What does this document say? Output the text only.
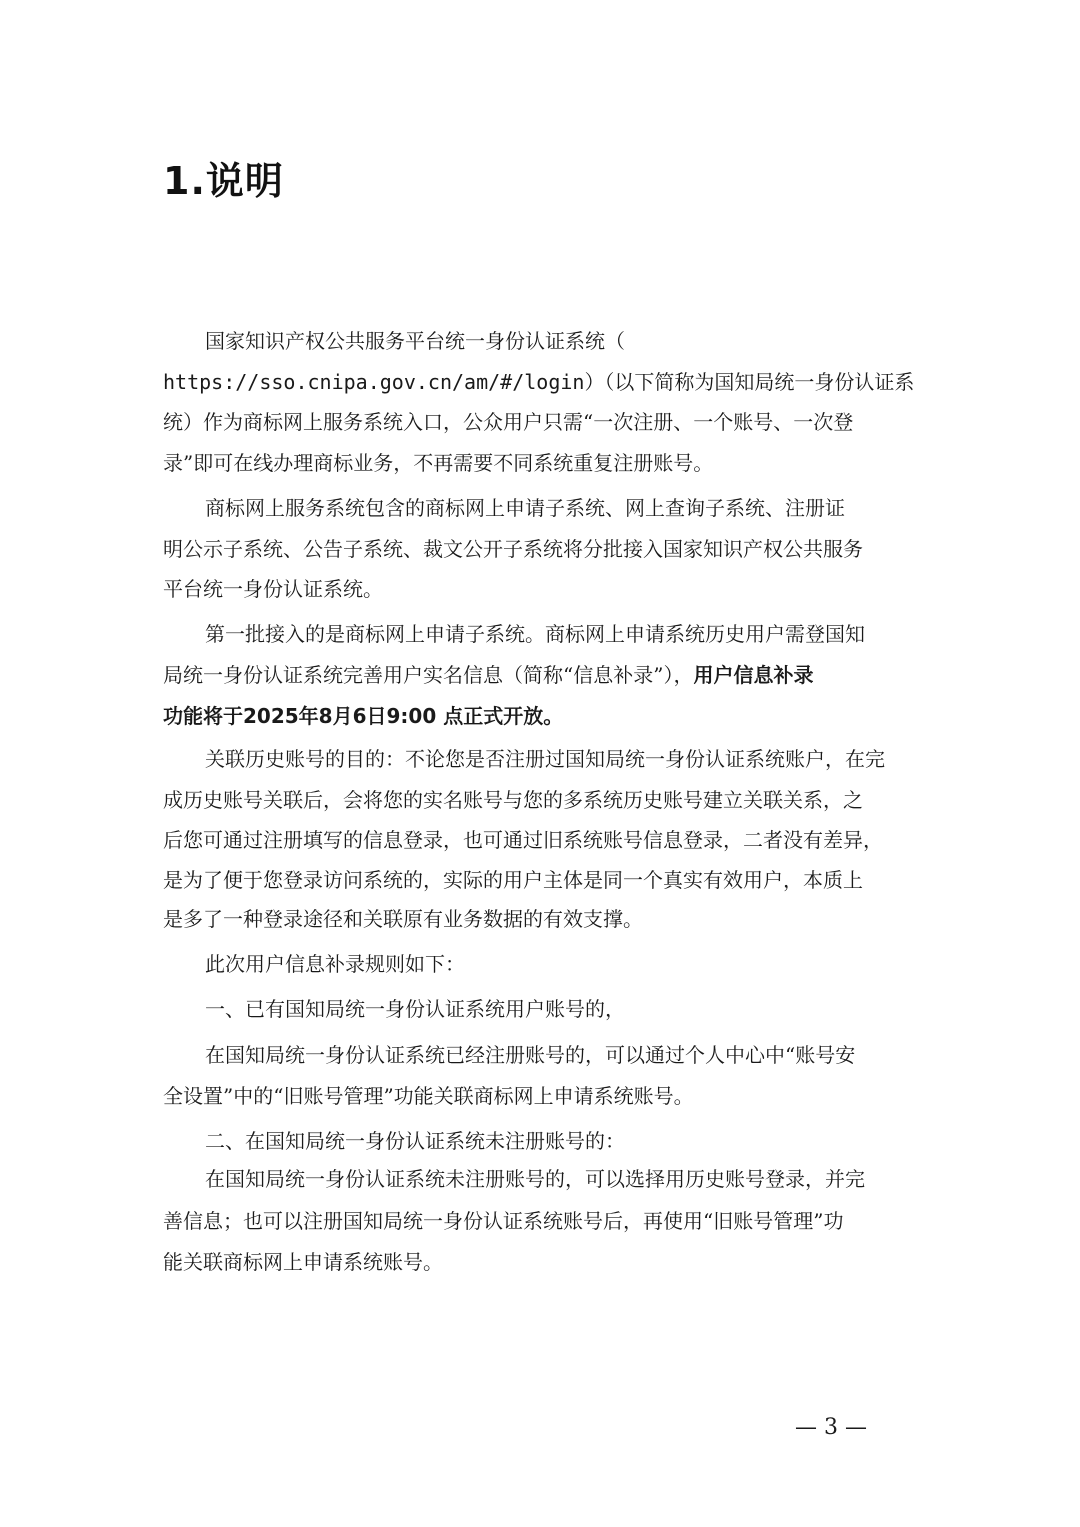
1.说明
国家知识产权公共服务平台统一身份认证系统（
https://sso.cnipa.gov.cn/am/#/login）（以下简称为国知局统一身份认证系
统）作为商标网上服务系统入口，公众用户只需“一次注册、一个账号、一次登
录”即可在线办理商标业务，不再需要不同系统重复注册账号。
商标网上服务系统包含的商标网上申请子系统、网上查询子系统、注册证
明公示子系统、公告子系统、裁文公开子系统将分批接入国家知识产权公共服务
平台统一身份认证系统。
第一批接入的是商标网上申请子系统。商标网上申请系统历史用户需登国知
局统一身份认证系统完善用户实名信息（简称“信息补录”），用户信息补录
功能将于2025年8月6日9:00 点正式开放。
关联历史账号的目的：不论您是否注册过国知局统一身份认证系统账户，在完
成历史账号关联后，会将您的实名账号与您的多系统历史账号建立关联关系，之
后您可通过注册填写的信息登录，也可通过旧系统账号信息登录，二者没有差异，
是为了便于您登录访问系统的，实际的用户主体是同一个真实有效用户，本质上
是多了一种登录途径和关联原有业务数据的有效支撑。
此次用户信息补录规则如下：
一、已有国知局统一身份认证系统用户账号的，
在国知局统一身份认证系统已经注册账号的，可以通过个人中心中“账号安
全设置”中的“旧账号管理”功能关联商标网上申请系统账号。
二、在国知局统一身份认证系统未注册账号的：
在国知局统一身份认证系统未注册账号的，可以选择用历史账号登录，并完
善信息；也可以注册国知局统一身份认证系统账号后，再使用“旧账号管理”功
能关联商标网上申请系统账号。
— 3 —
